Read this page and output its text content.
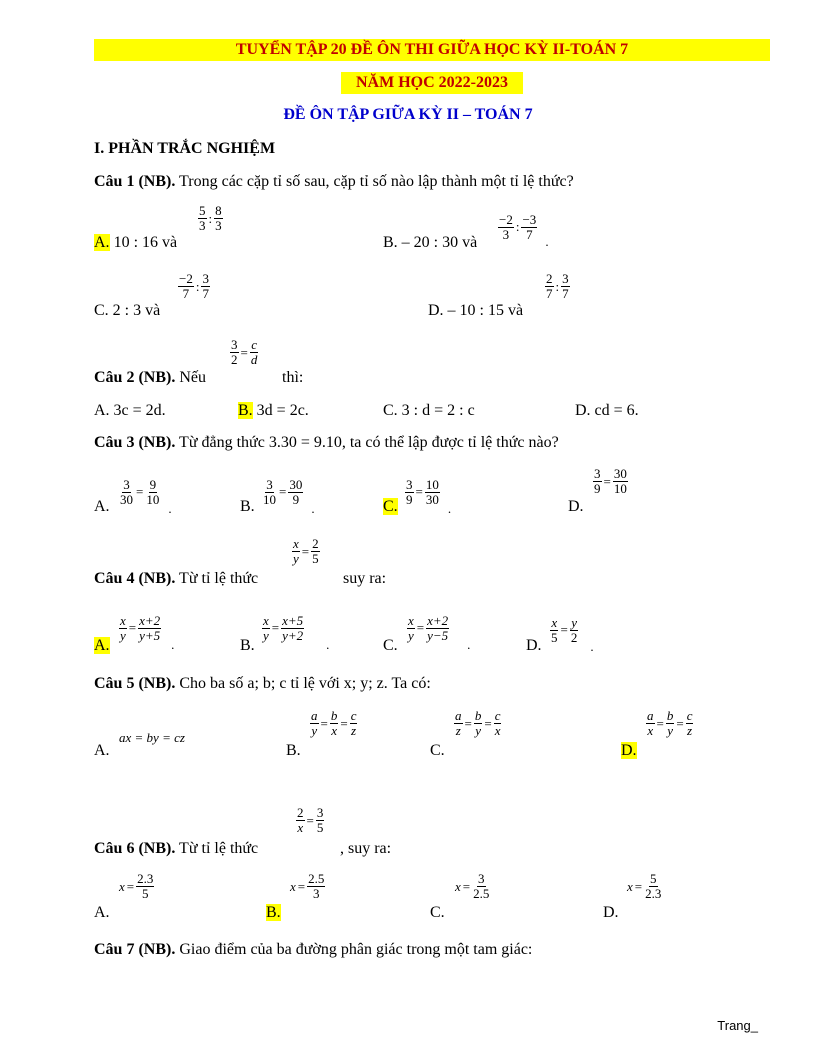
TUYỂN TẬP 20 ĐỀ ÔN THI GIỮA HỌC KỲ II-TOÁN 7
NĂM HỌC 2022-2023
ĐỀ ÔN TẬP GIỮA KỲ II – TOÁN 7
I. PHẦN TRẮC NGHIỆM
Câu 1 (NB). Trong các cặp tỉ số sau, cặp tỉ số nào lập thành một tỉ lệ thức?
A. 10 : 16 và
$\frac{5}{3}$ : $\frac{8}{3}$
B. – 20 : 30 và
$\frac{-2}{3}$ : $\frac{-3}{7}$ .
C. 2 : 3 và
$\frac{-2}{7}$ : $\frac{3}{7}$
D. – 10 : 15 và
$\frac{2}{7}$ : $\frac{3}{7}$
Câu 2 (NB). Nếu
$\frac{3}{2} = \frac{c}{d}$
thì:
A. 3c = 2d.	B. 3d = 2c.	C. 3 : d = 2 : c	D. cd = 6.
Câu 3 (NB). Từ đẳng thức 3.30 = 9.10, ta có thể lập được tỉ lệ thức nào?
A. $\frac{3}{30} = \frac{9}{10}$
.	B. $\frac{3}{10} = \frac{30}{9}$
.	C. $\frac{3}{9} = \frac{10}{30}$
.	D.
$\frac{3}{9} = \frac{30}{10}$
Câu 4 (NB). Từ tỉ lệ thức
$\frac{x}{y} = \frac{2}{5}$
suy ra:
A.
$\frac{x}{y} = \frac{x+2}{y+5}$
.	B.
$\frac{x}{y} = \frac{x+5}{y+2}$
.	C.
$\frac{x}{y} = \frac{x+2}{y-5}$
.	D.
$\frac{x}{5} = \frac{y}{2}$
.
Câu 5 (NB). Cho ba số a; b; c tỉ lệ với x; y; z. Ta có:
A.
ax = by = cz
B.
$\frac{a}{y} = \frac{b}{x} = \frac{c}{z}$
C.
$\frac{a}{z} = \frac{b}{y} = \frac{c}{x}$
D.
$\frac{a}{x} = \frac{b}{y} = \frac{c}{z}$
Câu 6 (NB). Từ tỉ lệ thức
$\frac{2}{x} = \frac{3}{5}$
, suy ra:
A.
$x = \frac{2.3}{5}$
B.
$x = \frac{2.5}{3}$
C.
$x = \frac{3}{2.5}$
D.
$x = \frac{5}{2.3}$
Câu 7 (NB). Giao điểm của ba đường phân giác trong một tam giác:
Trang_
